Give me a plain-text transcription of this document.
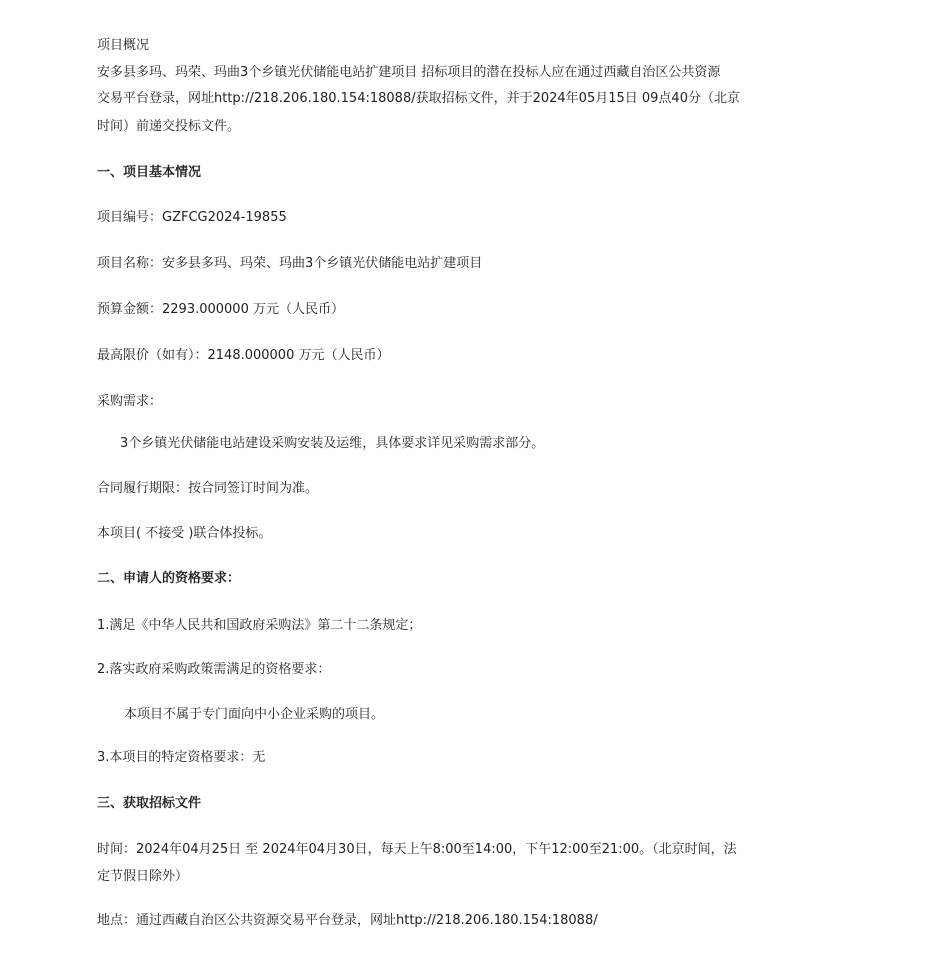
项目概况
安多县多玛、玛荣、玛曲3个乡镇光伏储能电站扩建项目 招标项目的潜在投标人应在通过西藏自治区公共资源
交易平台登录，网址http://218.206.180.154:18088/获取招标文件，并于2024年05月15日 09点40分（北京
时间）前递交投标文件。
一、项目基本情况
项目编号：GZFCG2024-19855
项目名称：安多县多玛、玛荣、玛曲3个乡镇光伏储能电站扩建项目
预算金额：2293.000000 万元（人民币）
最高限价（如有）：2148.000000 万元（人民币）
采购需求：
3个乡镇光伏储能电站建设采购安装及运维，具体要求详见采购需求部分。
合同履行期限：按合同签订时间为准。
本项目( 不接受 )联合体投标。
二、申请人的资格要求：
1.满足《中华人民共和国政府采购法》第二十二条规定；
2.落实政府采购政策需满足的资格要求：
本项目不属于专门面向中小企业采购的项目。
3.本项目的特定资格要求：无
三、获取招标文件
时间：2024年04月25日 至 2024年04月30日，每天上午8:00至14:00，下午12:00至21:00。（北京时间，法
定节假日除外）
地点：通过西藏自治区公共资源交易平台登录，网址http://218.206.180.154:18088/
